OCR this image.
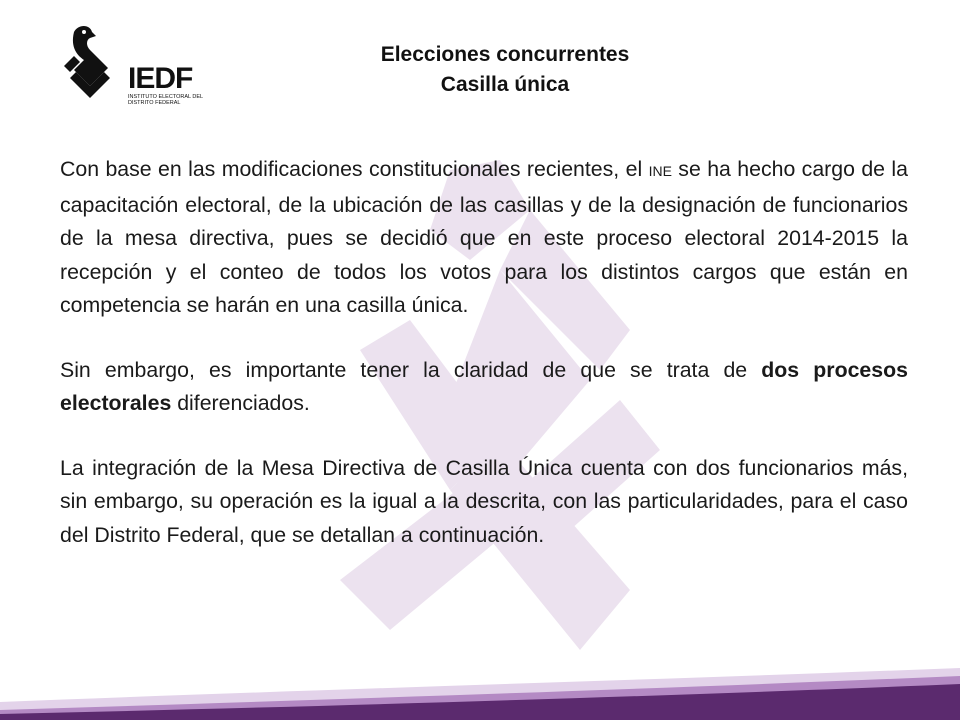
IEDF
INSTITUTO ELECTORAL DEL DISTRITO FEDERAL
Elecciones concurrentes
Casilla única

Con base en las modificaciones constitucionales recientes, el INE se ha hecho cargo de la capacitación electoral, de la ubicación de las casillas y de la designación de funcionarios de la mesa directiva, pues se decidió que en este proceso electoral 2014-2015 la recepción y el conteo de todos los votos para los distintos cargos que están en competencia se harán en una casilla única.

Sin embargo, es importante tener la claridad de que se trata de dos procesos electorales diferenciados.

La integración de la Mesa Directiva de Casilla Única cuenta con dos funcionarios más, sin embargo, su operación es la igual a la descrita, con las particularidades, para el caso del Distrito Federal, que se detallan a continuación.
